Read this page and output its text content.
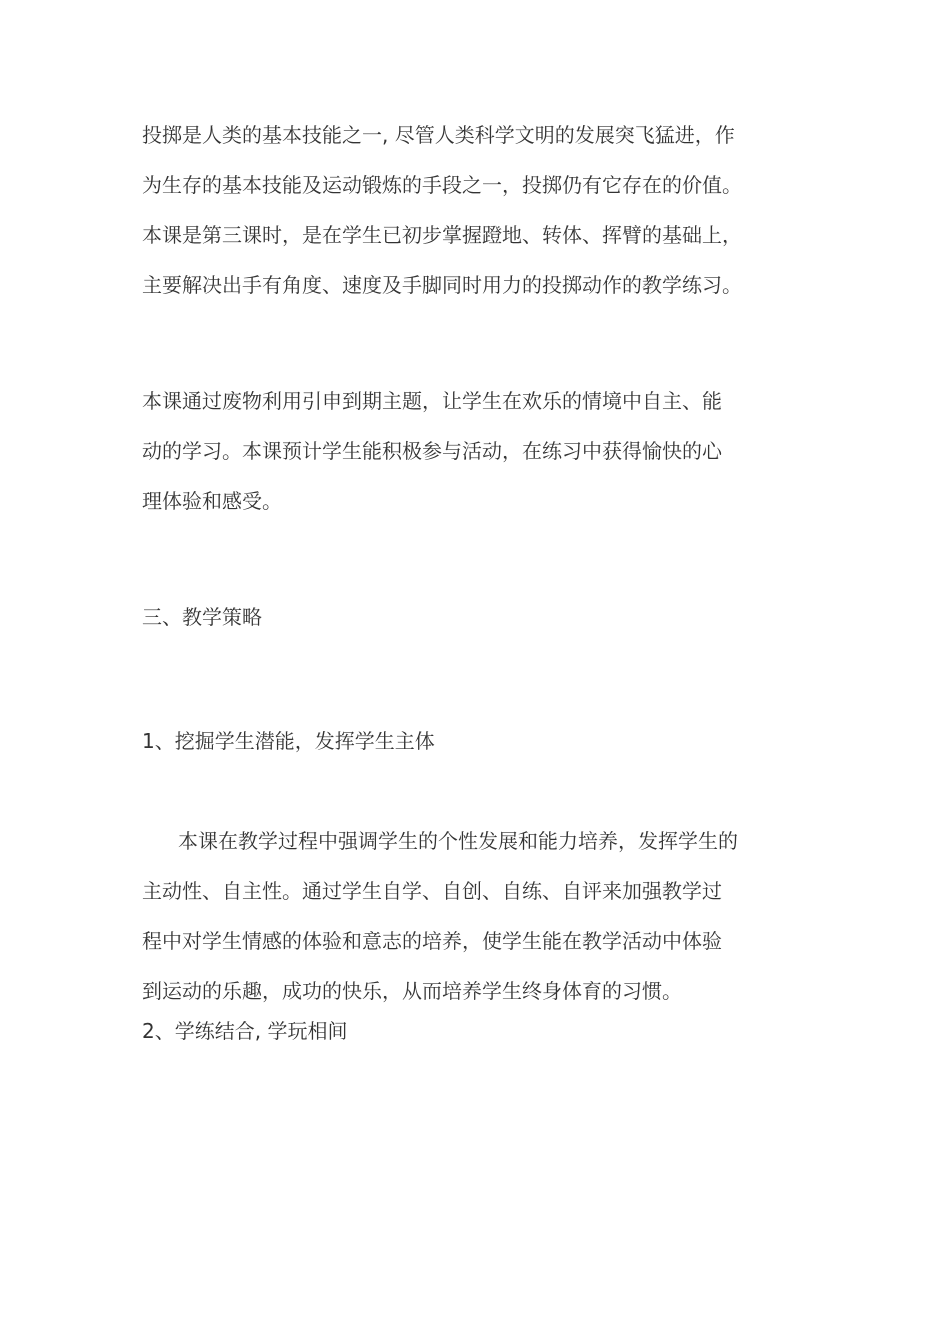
投掷是人类的基本技能之一, 尽管人类科学文明的发展突飞猛进，作
为生存的基本技能及运动锻炼的手段之一，投掷仍有它存在的价值。
本课是第三课时，是在学生已初步掌握蹬地、转体、挥臂的基础上，
主要解决出手有角度、速度及手脚同时用力的投掷动作的教学练习。
本课通过废物利用引申到期主题，让学生在欢乐的情境中自主、能
动的学习。本课预计学生能积极参与活动，在练习中获得愉快的心
理体验和感受。
三、教学策略
1、挖掘学生潜能，发挥学生主体
本课在教学过程中强调学生的个性发展和能力培养，发挥学生的
主动性、自主性。通过学生自学、自创、自练、自评来加强教学过
程中对学生情感的体验和意志的培养，使学生能在教学活动中体验
到运动的乐趣，成功的快乐，从而培养学生终身体育的习惯。
2、学练结合, 学玩相间
